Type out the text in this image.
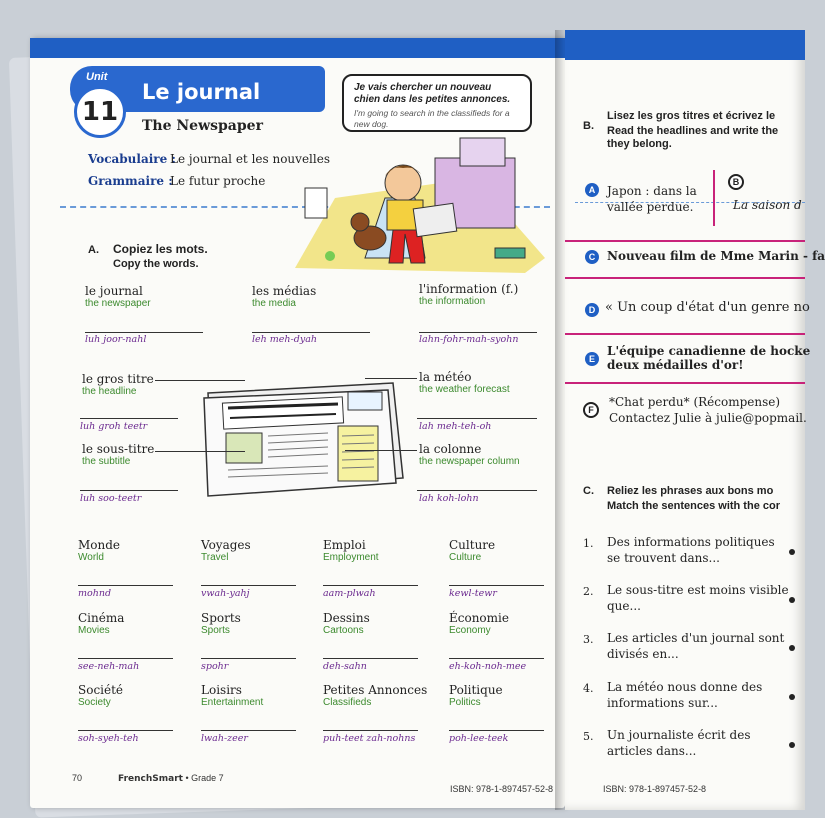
Unit
11
Le journal
The Newspaper
Vocabulaire :
Le journal et les nouvelles
Grammaire :
Le futur proche
Je vais chercher un nouveau chien dans les petites annonces.
I'm going to search in the classifieds for a new dog.
A. Copiez les mots.
Copy the words.
le journal
the newspaper
luh joor-nahl
les médias
the media
leh meh-dyah
l'information (f.)
the information
lahn-fohr-mah-syohn
le gros titre
the headline
luh groh teetr
le sous-titre
the subtitle
luh soo-teetr
la météo
the weather forecast
lah meh-teh-oh
la colonne
the newspaper column
lah koh-lohn
Monde
World
mohnd
Voyages
Travel
vwah-yahj
Emploi
Employment
aam-plwah
Culture
Culture
kewl-tewr
Cinéma
Movies
see-neh-mah
Sports
Sports
spohr
Dessins
Cartoons
deh-sahn
Économie
Economy
eh-koh-noh-mee
Société
Society
soh-syeh-teh
Loisirs
Entertainment
lwah-zeer
Petites Annonces
Classifieds
puh-teet zah-nohns
Politique
Politics
poh-lee-teek
70	FrenchSmart • Grade 7
ISBN: 978-1-897457-52-8
B.
Lisez les gros titres et écrivez le
Read the headlines and write the
they belong.
A Japon : dans la
vallée perdue.
B
La saison d
C Nouveau film de Mme Marin - fa
D « Un coup d'état d'un genre no
E
L'équipe canadienne de hocke
deux médailles d'or!
F
*Chat perdu* (Récompense)
Contactez Julie à julie@popmail.
C. Reliez les phrases aux bons mo
Match the sentences with the cor
1. Des informations politiques
se trouvent dans...
2. Le sous-titre est moins visible
que...
3. Les articles d'un journal sont
divisés en...
4. La météo nous donne des
informations sur...
5. Un journaliste écrit des
articles dans...
ISBN: 978-1-897457-52-8
